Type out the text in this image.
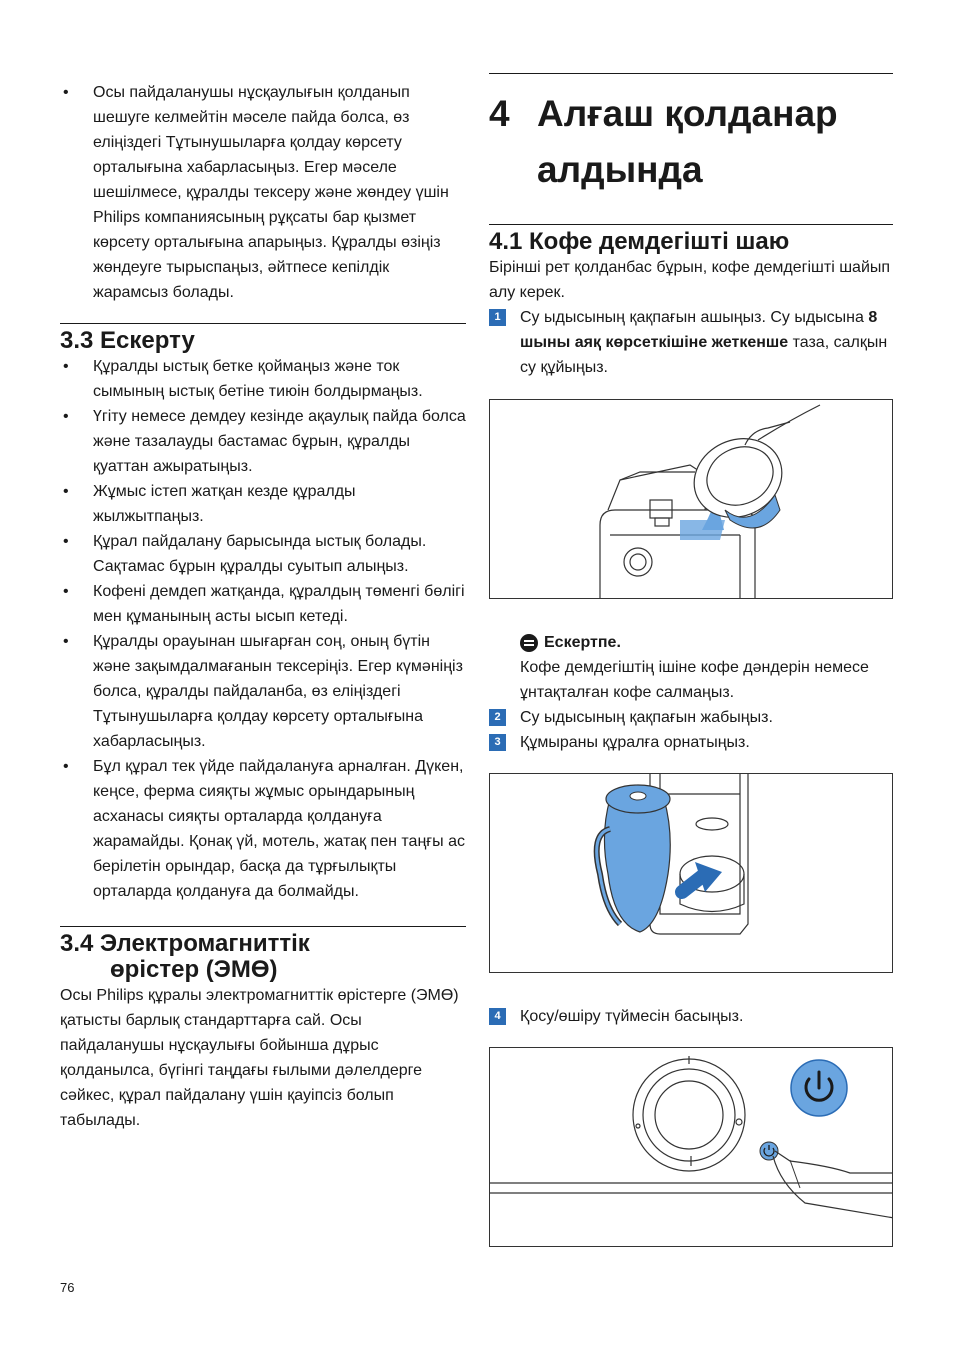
• Осы пайдаланушы нұсқаулығын қолданып шешуге келмейтін мәселе пайда болса, өз еліңіздегі Тұтынушыларға қолдау көрсету орталығына хабарласыңыз. Егер мәселе шешілмесе, құралды тексеру және жөндеу үшін Philips компаниясының рұқсаты бар қызмет көрсету орталығына апарыңыз. Құралды өзіңіз жөндеуге тырыспаңыз, әйтпесе кепілдік жарамсыз болады.
3.3 Ескерту
• Құралды ыстық бетке қоймаңыз және ток сымының ыстық бетіне тиюін болдырмаңыз.
• Үгіту немесе демдеу кезінде ақаулық пайда болса және тазалауды бастамас бұрын, құралды қуаттан ажыратыңыз.
• Жұмыс істеп жатқан кезде құралды жылжытпаңыз.
• Құрал пайдалану барысында ыстық болады. Сақтамас бұрын құралды суытып алыңыз.
• Кофені демдеп жатқанда, құралдың төменгі бөлігі мен құманының асты ысып кетеді.
• Құралды орауынан шығарған соң, оның бүтін және зақымдалмағанын тексеріңіз. Егер күмәніңіз болса, құралды пайдаланба, өз еліңіздегі Тұтынушыларға қолдау көрсету орталығына хабарласыңыз.
• Бұл құрал тек үйде пайдалануға арналған. Дүкен, кеңсе, ферма сияқты жұмыс орындарының асханасы сияқты орталарда қолдануға жарамайды. Қонақ үй, мотель, жатақ пен таңғы ас берілетін орындар, басқа да тұрғылықты орталарда қолдануға да болмайды.
3.4 Электромагниттік
өрістер (ЭМӨ)
Осы Philips құралы электромагниттік өрістерге (ЭМӨ) қатысты барлық стандарттарға сай. Осы пайдаланушы нұсқаулығы бойынша дұрыс қолданылса, бүгінгі таңдағы ғылыми дәлелдерге сәйкес, құрал пайдалану үшін қауіпсіз болып табылады.
4 Алғаш қолданар
алдында
4.1 Кофе демдегішті шаю
Бірінші рет қолданбас бұрын, кофе демдегішті шайып алу керек.
1	Су ыдысының қақпағын ашыңыз. Су ыдысына 8 шыны аяқ көрсеткішіне жеткенше таза, салқын су құйыңыз.
Ескертпе.
Кофе демдегіштің ішіне кофе дәндерін немесе ұнтақталған кофе салмаңыз.
2	Су ыдысының қақпағын жабыңыз.
3	Құмыраны құралға орнатыңыз.
4	Қосу/өшіру түймесін басыңыз.
76
